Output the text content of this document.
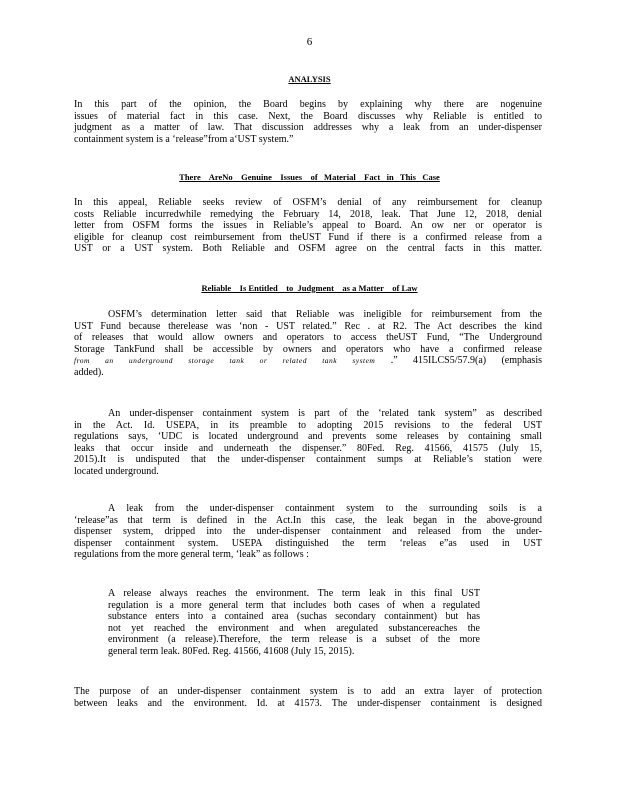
6
ANALYSIS
In this part of the opinion, the Board begins by explaining why there are nogenuine
issues of material fact in this case. Next, the Board discusses why Reliable is entitled to
judgment as a matter of law. That discussion addresses why a leak from an under-dispenser
containment system is a ‘release”from a‘UST system.”
There    AreNo    Genuine    Issues    of   Material    Fact   in   This   Case
In this appeal, Reliable seeks review of OSFM’s denial of any reimbursement for cleanup
costs Reliable incurredwhile remedying the February 14, 2018, leak. That June 12, 2018, denial
letter from OSFM forms the issues in Reliable’s appeal to Board. An ow ner or operator is
eligible for cleanup cost reimbursement from theUST Fund if there is a confirmed release from a
UST or a UST system. Both Reliable and OSFM agree on the central facts in this matter.
Reliable    Is Entitled    to  Judgment    as a Matter    of Law
OSFM’s determination letter said that Reliable was ineligible for reimbursement from the
UST Fund because therelease was ‘non - UST related.” Rec . at R2. The Act describes the kind
of releases that would allow owners and operators to access theUST Fund, “The Underground
Storage TankFund shall be accessible by owners and operators who have a confirmed release
from an underground storage tank or related tank system .” 415ILCS5/57.9(a) (emphasis
added).
An under-dispenser containment system is part of the ‘related tank system” as described
in the Act. Id. USEPA, in its preamble to adopting 2015 revisions to the federal UST
regulations says, ‘UDC is located underground and prevents some releases by containing small
leaks that occur inside and underneath the dispenser.” 80Fed. Reg. 41566, 41575 (July 15,
2015).It is undisputed that the under-dispenser containment sumps at Reliable’s station were
located underground.
A leak from the under-dispenser containment system to the surrounding soils is a
‘release”as that term is defined in the Act.In this case, the leak began in the above-ground
dispenser system, dripped into the under-dispenser containment and released from the under-
dispenser containment system. USEPA distinguished the term ‘releas e”as used in UST
regulations from the more general term, ‘leak” as follows :
A release always reaches the environment. The term leak in this final UST
regulation is a more general term that includes both cases of when a regulated
substance enters into a contained area (suchas secondary containment) but has
not yet reached the environment and when aregulated substancereaches the
environment (a release).Therefore, the term release is a subset of the more
general term leak. 80Fed. Reg. 41566, 41608 (July 15, 2015).
The purpose of an under-dispenser containment system is to add an extra layer of protection
between leaks and the environment. Id. at 41573. The under-dispenser containment is designed
